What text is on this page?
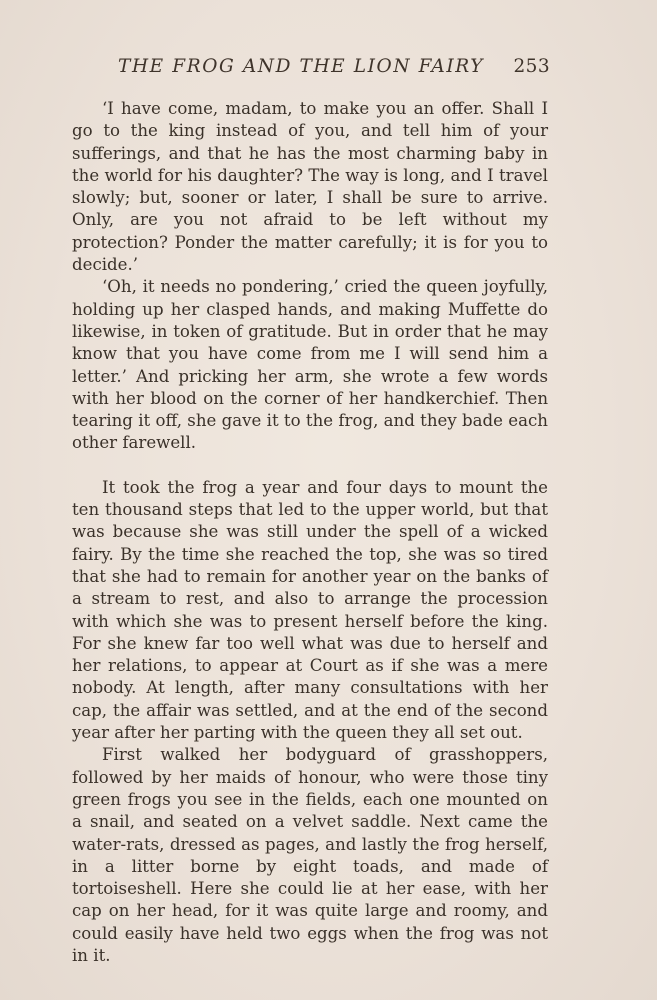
THE FROG AND THE LION FAIRY 253

‘I have come, madam, to make you an offer. Shall I go to the king instead of you, and tell him of your sufferings, and that he has the most charming baby in the world for his daughter? The way is long, and I travel slowly; but, sooner or later, I shall be sure to arrive. Only, are you not afraid to be left without my protection? Ponder the matter carefully; it is for you to decide.’

‘Oh, it needs no pondering,’ cried the queen joyfully, holding up her clasped hands, and making Muffette do likewise, in token of gratitude. But in order that he may know that you have come from me I will send him a letter.’ And pricking her arm, she wrote a few words with her blood on the corner of her handkerchief. Then tearing it off, she gave it to the frog, and they bade each other farewell.

It took the frog a year and four days to mount the ten thousand steps that led to the upper world, but that was because she was still under the spell of a wicked fairy. By the time she reached the top, she was so tired that she had to remain for another year on the banks of a stream to rest, and also to arrange the procession with which she was to present herself before the king. For she knew far too well what was due to herself and her relations, to appear at Court as if she was a mere nobody. At length, after many consultations with her cap, the affair was settled, and at the end of the second year after her parting with the queen they all set out.

First walked her bodyguard of grasshoppers, followed by her maids of honour, who were those tiny green frogs you see in the fields, each one mounted on a snail, and seated on a velvet saddle. Next came the water-rats, dressed as pages, and lastly the frog herself, in a litter borne by eight toads, and made of tortoiseshell. Here she could lie at her ease, with her cap on her head, for it was quite large and roomy, and could easily have held two eggs when the frog was not in it.
